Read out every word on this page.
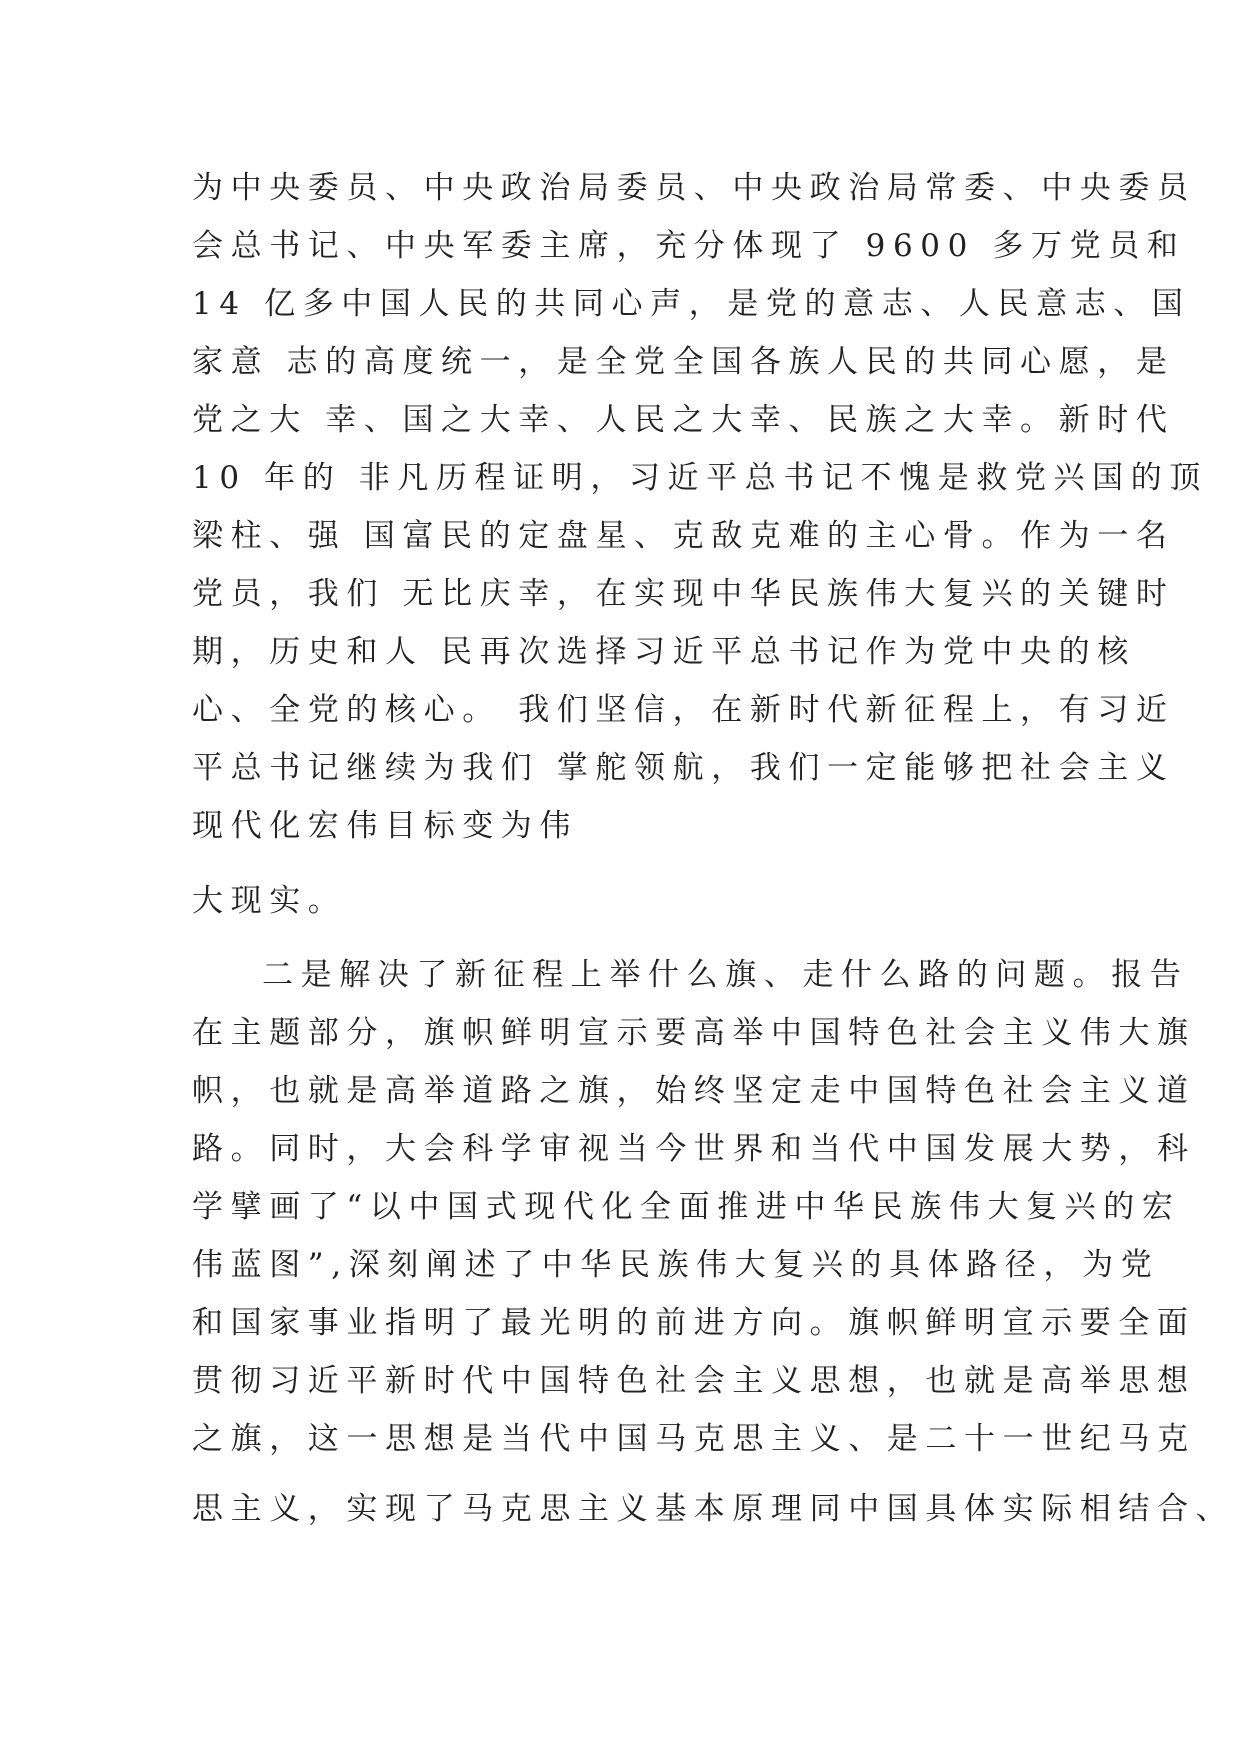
为中央委员、中央政治局委员、中央政治局常委、中央委员

会总书记、中央军委主席，充分体现了 9600 多万党员和

14 亿多中国人民的共同心声，是党的意志、人民意志、国

家意 志的高度统一，是全党全国各族人民的共同心愿，是

党之大 幸、国之大幸、人民之大幸、民族之大幸。新时代

10 年的 非凡历程证明，习近平总书记不愧是救党兴国的顶

梁柱、强 国富民的定盘星、克敌克难的主心骨。作为一名

党员，我们 无比庆幸，在实现中华民族伟大复兴的关键时

期，历史和人 民再次选择习近平总书记作为党中央的核

心、全党的核心。 我们坚信，在新时代新征程上，有习近

平总书记继续为我们 掌舵领航，我们一定能够把社会主义

现代化宏伟目标变为伟

大现实。

二是解决了新征程上举什么旗、走什么路的问题。报告

在主题部分，旗帜鲜明宣示要高举中国特色社会主义伟大旗

帜，也就是高举道路之旗，始终坚定走中国特色社会主义道

路。同时，大会科学审视当今世界和当代中国发展大势，科

学擘画了“以中国式现代化全面推进中华民族伟大复兴的宏

伟蓝图”,深刻阐述了中华民族伟大复兴的具体路径，为党

和国家事业指明了最光明的前进方向。旗帜鲜明宣示要全面

贯彻习近平新时代中国特色社会主义思想，也就是高举思想

之旗，这一思想是当代中国马克思主义、是二十一世纪马克

思主义，实现了马克思主义基本原理同中国具体实际相结合、
